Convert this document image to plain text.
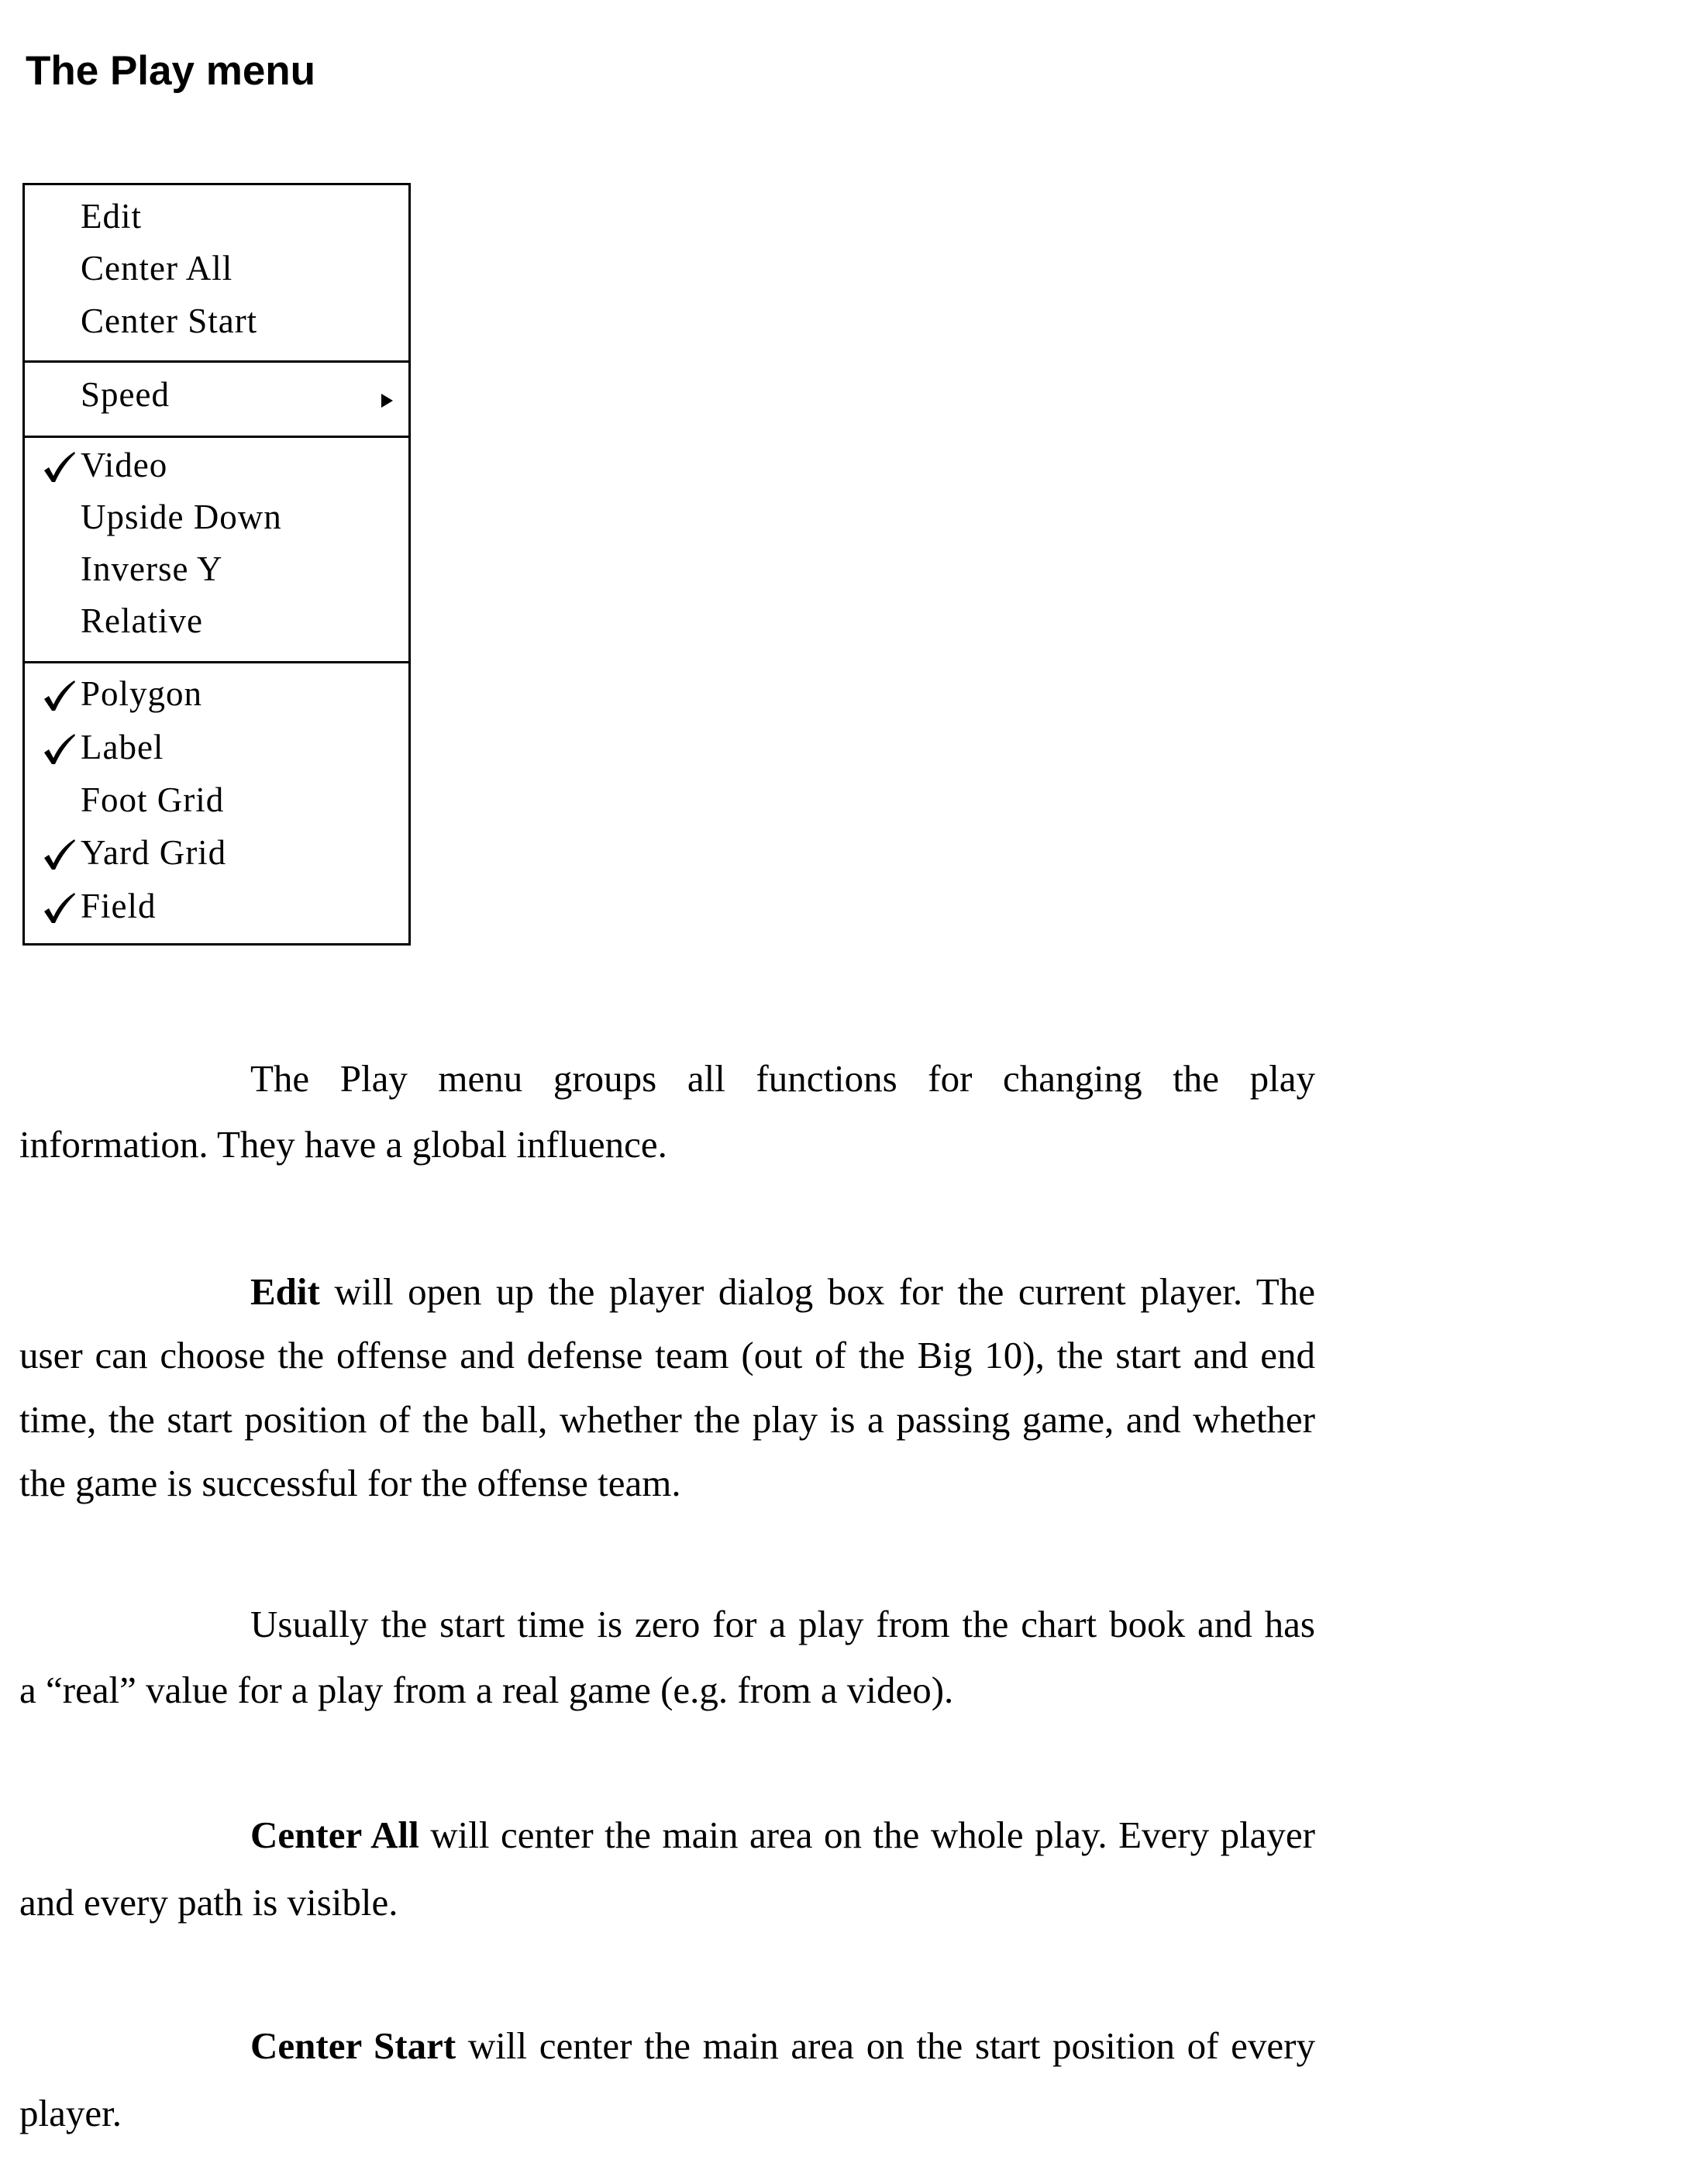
The Play menu
Edit
Center All
Center Start
Speed
Video
Upside Down
Inverse Y
Relative
Polygon
Label
Foot Grid
Yard Grid
Field
The Play menu groups all functions for changing the play
information. They have a global influence.
Edit will open up the player dialog box for the current player. The
user can choose the offense and defense team (out of the Big 10), the start and end
time, the start position of the ball, whether the play is a passing game, and whether
the game is successful for the offense team.
Usually the start time is zero for a play from the chart book and has
a “real” value for a play from a real game (e.g. from a video).
Center All will center the main area on the whole play. Every player
and every path is visible.
Center Start will center the main area on the start position of every
player.
